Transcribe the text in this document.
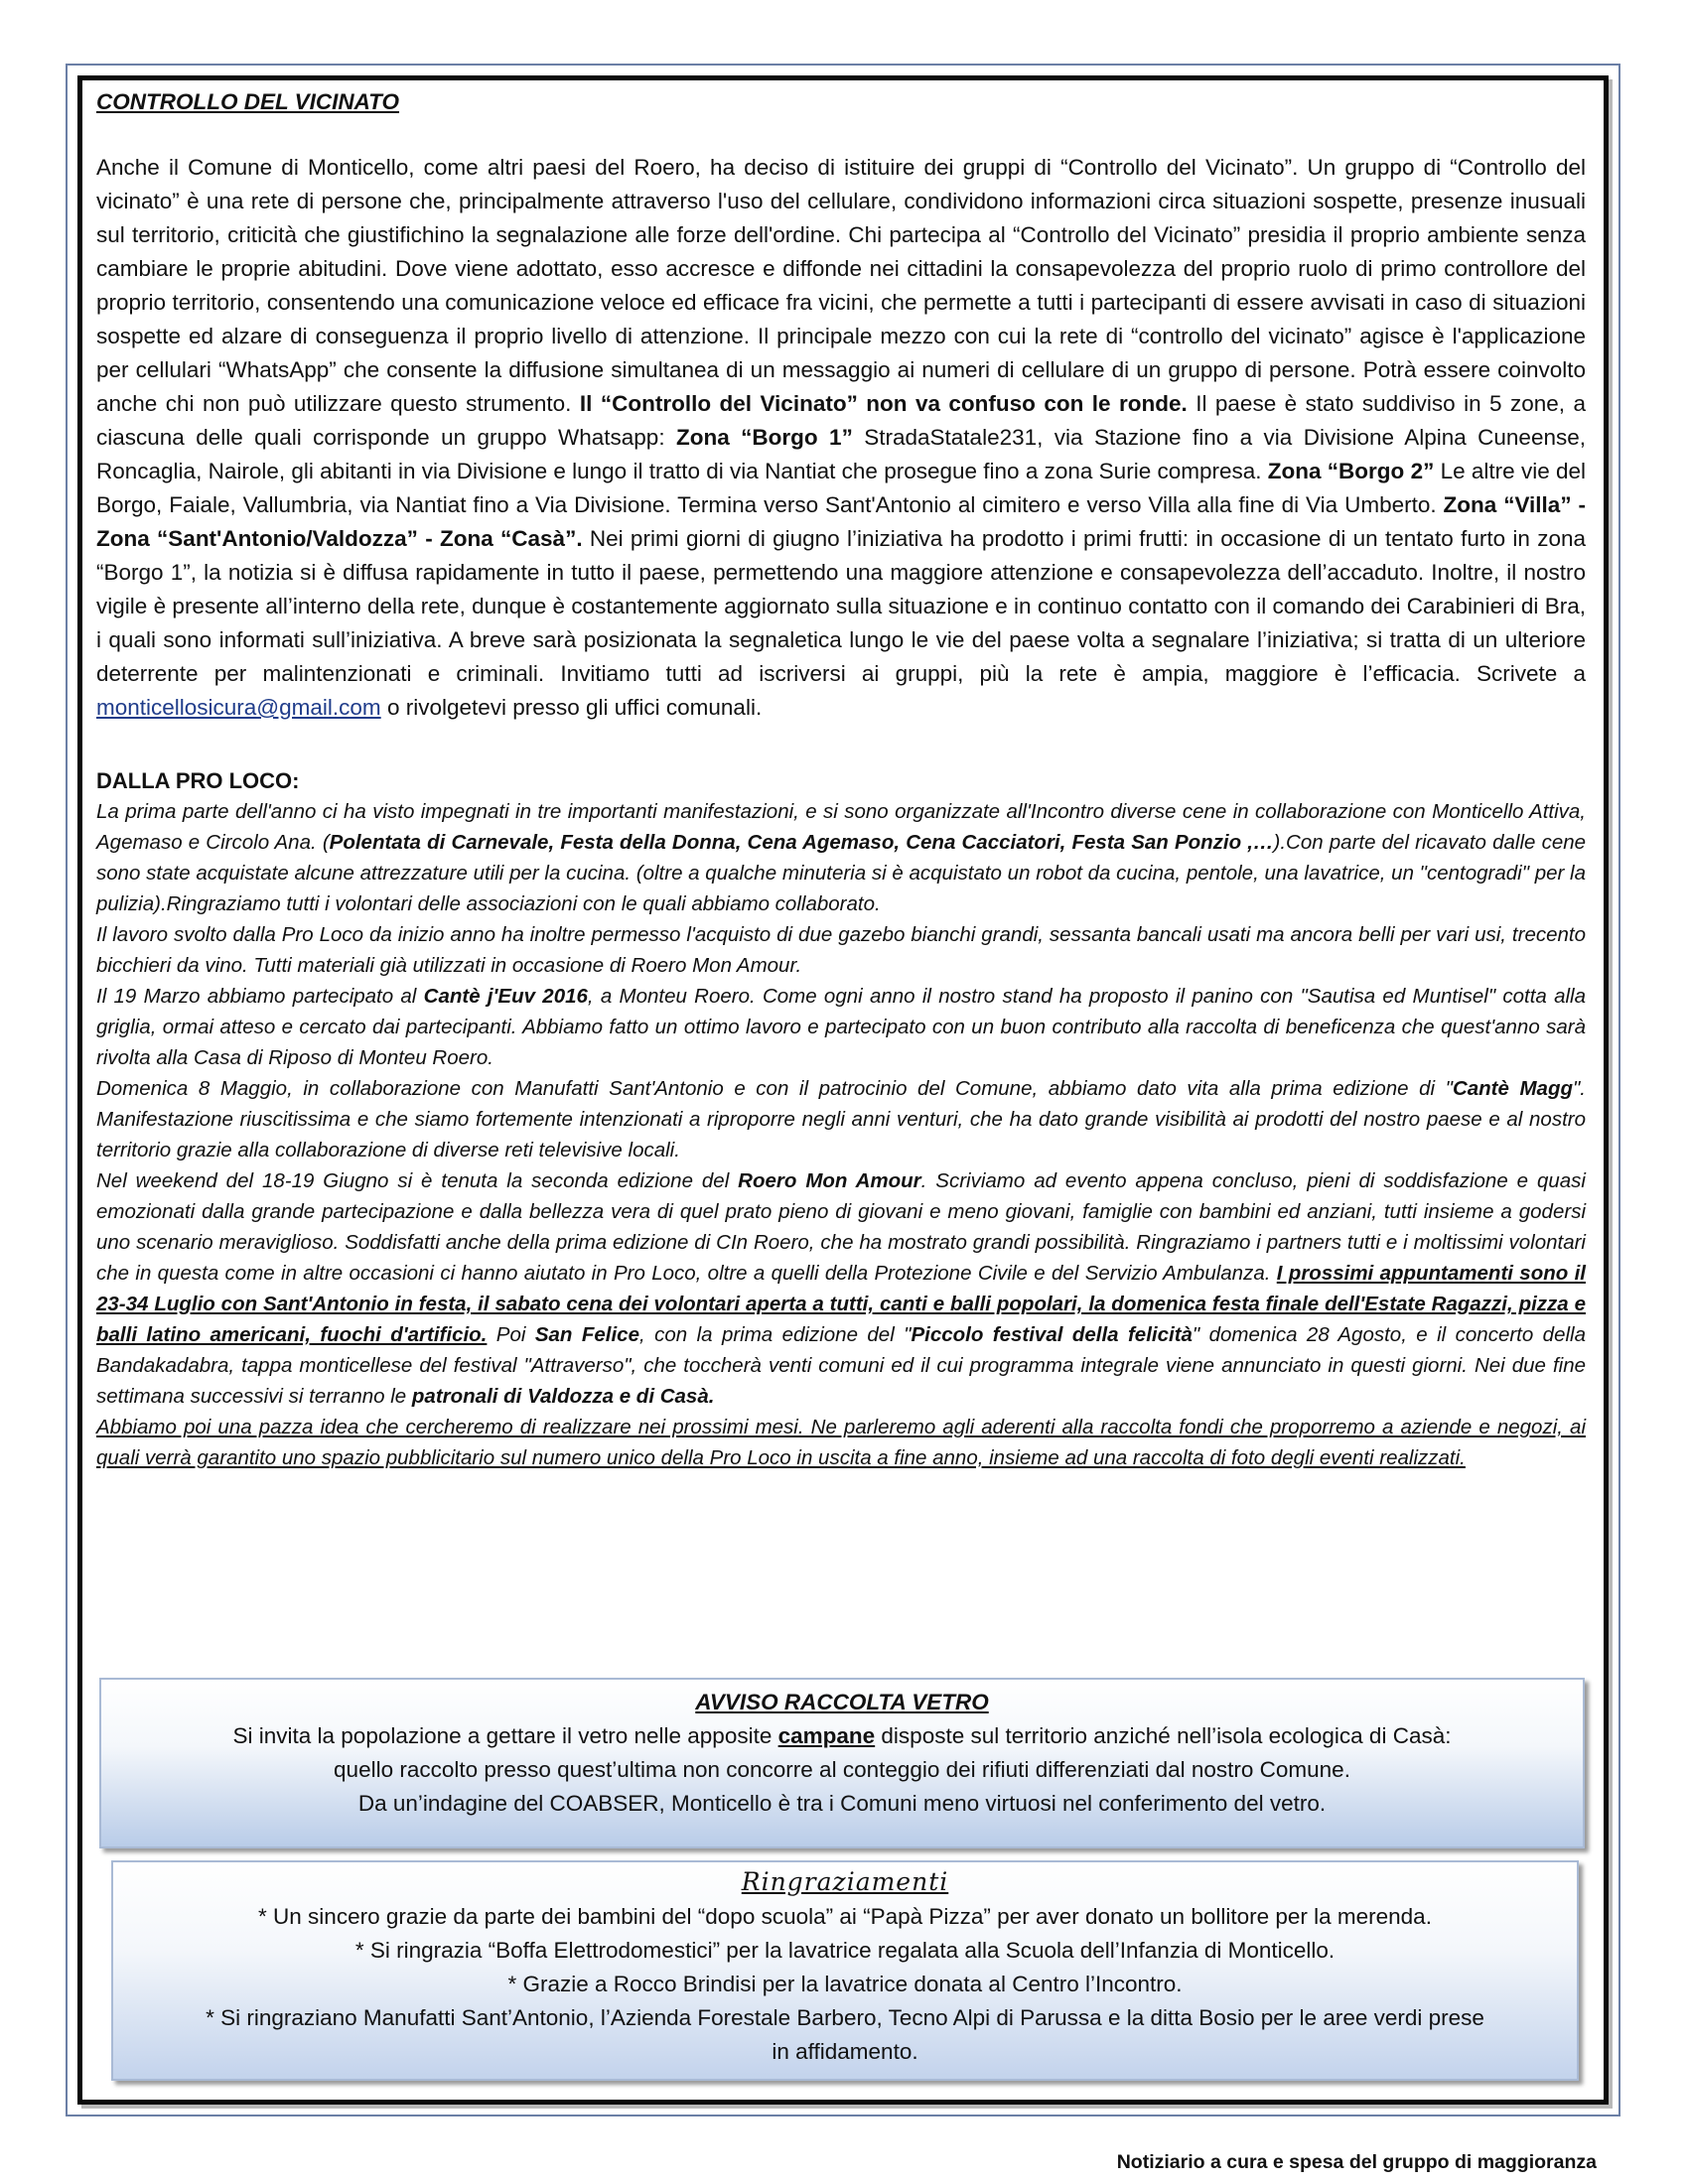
CONTROLLO DEL VICINATO

Anche il Comune di Monticello, come altri paesi del Roero, ha deciso di istituire dei gruppi di “Controllo del Vicinato”. Un gruppo di “Controllo del vicinato” è una rete di persone che, principalmente attraverso l'uso del cellulare, condividono informazioni circa situazioni sospette, presenze inusuali sul territorio, criticità che giustifichino la segnalazione alle forze dell'ordine. Chi partecipa al “Controllo del Vicinato” presidia il proprio ambiente senza cambiare le proprie abitudini. Dove viene adottato, esso accresce e diffonde nei cittadini la consapevolezza del proprio ruolo di primo controllore del proprio territorio, consentendo una comunicazione veloce ed efficace fra vicini, che permette a tutti i partecipanti di essere avvisati in caso di situazioni sospette ed alzare di conseguenza il proprio livello di attenzione. Il principale mezzo con cui la rete di “controllo del vicinato” agisce è l'applicazione per cellulari “WhatsApp” che consente la diffusione simultanea di un messaggio ai numeri di cellulare di un gruppo di persone. Potrà essere coinvolto anche chi non può utilizzare questo strumento. Il “Controllo del Vicinato” non va confuso con le ronde. Il paese è stato suddiviso in 5 zone, a ciascuna delle quali corrisponde un gruppo Whatsapp: Zona “Borgo 1” StradaStatale231, via Stazione fino a via Divisione Alpina Cuneense, Roncaglia, Nairole, gli abitanti in via Divisione e lungo il tratto di via Nantiat che prosegue fino a zona Surie compresa. Zona “Borgo 2” Le altre vie del Borgo, Faiale, Vallumbria, via Nantiat fino a Via Divisione. Termina verso Sant'Antonio al cimitero e verso Villa alla fine di Via Umberto. Zona “Villa” - Zona “Sant'Antonio/Valdozza” - Zona “Casà”. Nei primi giorni di giugno l’iniziativa ha prodotto i primi frutti: in occasione di un tentato furto in zona “Borgo 1”, la notizia si è diffusa rapidamente in tutto il paese, permettendo una maggiore attenzione e consapevolezza dell’accaduto. Inoltre, il nostro vigile è presente all’interno della rete, dunque è costantemente aggiornato sulla situazione e in continuo contatto con il comando dei Carabinieri di Bra, i quali sono informati sull’iniziativa. A breve sarà posizionata la segnaletica lungo le vie del paese volta a segnalare l’iniziativa; si tratta di un ulteriore deterrente per malintenzionati e criminali. Invitiamo tutti ad iscriversi ai gruppi, più la rete è ampia, maggiore è l’efficacia. Scrivete a monticellosicura@gmail.com o rivolgetevi presso gli uffici comunali.

DALLA PRO LOCO:

La prima parte dell'anno ci ha visto impegnati in tre importanti manifestazioni, e si sono organizzate all'Incontro diverse cene in collaborazione con Monticello Attiva, Agemaso e Circolo Ana. (Polentata di Carnevale, Festa della Donna, Cena Agemaso, Cena Cacciatori, Festa San Ponzio ,…).Con parte del ricavato dalle cene sono state acquistate alcune attrezzature utili per la cucina. (oltre a qualche minuteria si è acquistato un robot da cucina, pentole, una lavatrice, un "centogradi" per la pulizia).Ringraziamo tutti i volontari delle associazioni con le quali abbiamo collaborato.

Il lavoro svolto dalla Pro Loco da inizio anno ha inoltre permesso l'acquisto di due gazebo bianchi grandi, sessanta bancali usati ma ancora belli per vari usi, trecento bicchieri da vino. Tutti materiali già utilizzati in occasione di Roero Mon Amour.

Il 19 Marzo abbiamo partecipato al Cantè j'Euv 2016, a Monteu Roero. Come ogni anno il nostro stand ha proposto il panino con "Sautisa ed Muntisel" cotta alla griglia, ormai atteso e cercato dai partecipanti. Abbiamo fatto un ottimo lavoro e partecipato con un buon contributo alla raccolta di beneficenza che quest'anno sarà rivolta alla Casa di Riposo di Monteu Roero.

Domenica 8 Maggio, in collaborazione con Manufatti Sant'Antonio e con il patrocinio del Comune, abbiamo dato vita alla prima edizione di "Cantè Magg". Manifestazione riuscitissima e che siamo fortemente intenzionati a riproporre negli anni venturi, che ha dato grande visibilità ai prodotti del nostro paese e al nostro territorio grazie alla collaborazione di diverse reti televisive locali.

Nel weekend del 18-19 Giugno si è tenuta la seconda edizione del Roero Mon Amour. Scriviamo ad evento appena concluso, pieni di soddisfazione e quasi emozionati dalla grande partecipazione e dalla bellezza vera di quel prato pieno di giovani e meno giovani, famiglie con bambini ed anziani, tutti insieme a godersi uno scenario meraviglioso. Soddisfatti anche della prima edizione di CIn Roero, che ha mostrato grandi possibilità. Ringraziamo i partners tutti e i moltissimi volontari che in questa come in altre occasioni ci hanno aiutato in Pro Loco, oltre a quelli della Protezione Civile e del Servizio Ambulanza. I prossimi appuntamenti sono il 23-34 Luglio con Sant'Antonio in festa, il sabato cena dei volontari aperta a tutti, canti e balli popolari, la domenica festa finale dell'Estate Ragazzi, pizza e balli latino americani, fuochi d'artificio. Poi San Felice, con la prima edizione del "Piccolo festival della felicità" domenica 28 Agosto, e il concerto della Bandakadabra, tappa monticellese del festival "Attraverso", che toccherà venti comuni ed il cui programma integrale viene annunciato in questi giorni. Nei due fine settimana successivi si terranno le patronali di Valdozza e di Casà.

Abbiamo poi una pazza idea che cercheremo di realizzare nei prossimi mesi. Ne parleremo agli aderenti alla raccolta fondi che proporremo a aziende e negozi, ai quali verrà garantito uno spazio pubblicitario sul numero unico della Pro Loco in uscita a fine anno, insieme ad una raccolta di foto degli eventi realizzati.

AVVISO RACCOLTA VETRO
Si invita la popolazione a gettare il vetro nelle apposite campane disposte sul territorio anziché nell’isola ecologica di Casà:
quello raccolto presso quest’ultima non concorre al conteggio dei rifiuti differenziati dal nostro Comune.
Da un’indagine del COABSER, Monticello è tra i Comuni meno virtuosi nel conferimento del vetro.
Ringraziamenti
* Un sincero grazie da parte dei bambini del “dopo scuola” ai “Papà Pizza” per aver donato un bollitore per la merenda.
* Si ringrazia “Boffa Elettrodomestici” per la lavatrice regalata alla Scuola dell’Infanzia di Monticello.
* Grazie a Rocco Brindisi per la lavatrice donata al Centro l’Incontro.
* Si ringraziano Manufatti Sant’Antonio, l’Azienda Forestale Barbero, Tecno Alpi di Parussa e la ditta Bosio per le aree verdi prese in affidamento.
Notiziario a cura e spesa del gruppo di maggioranza
